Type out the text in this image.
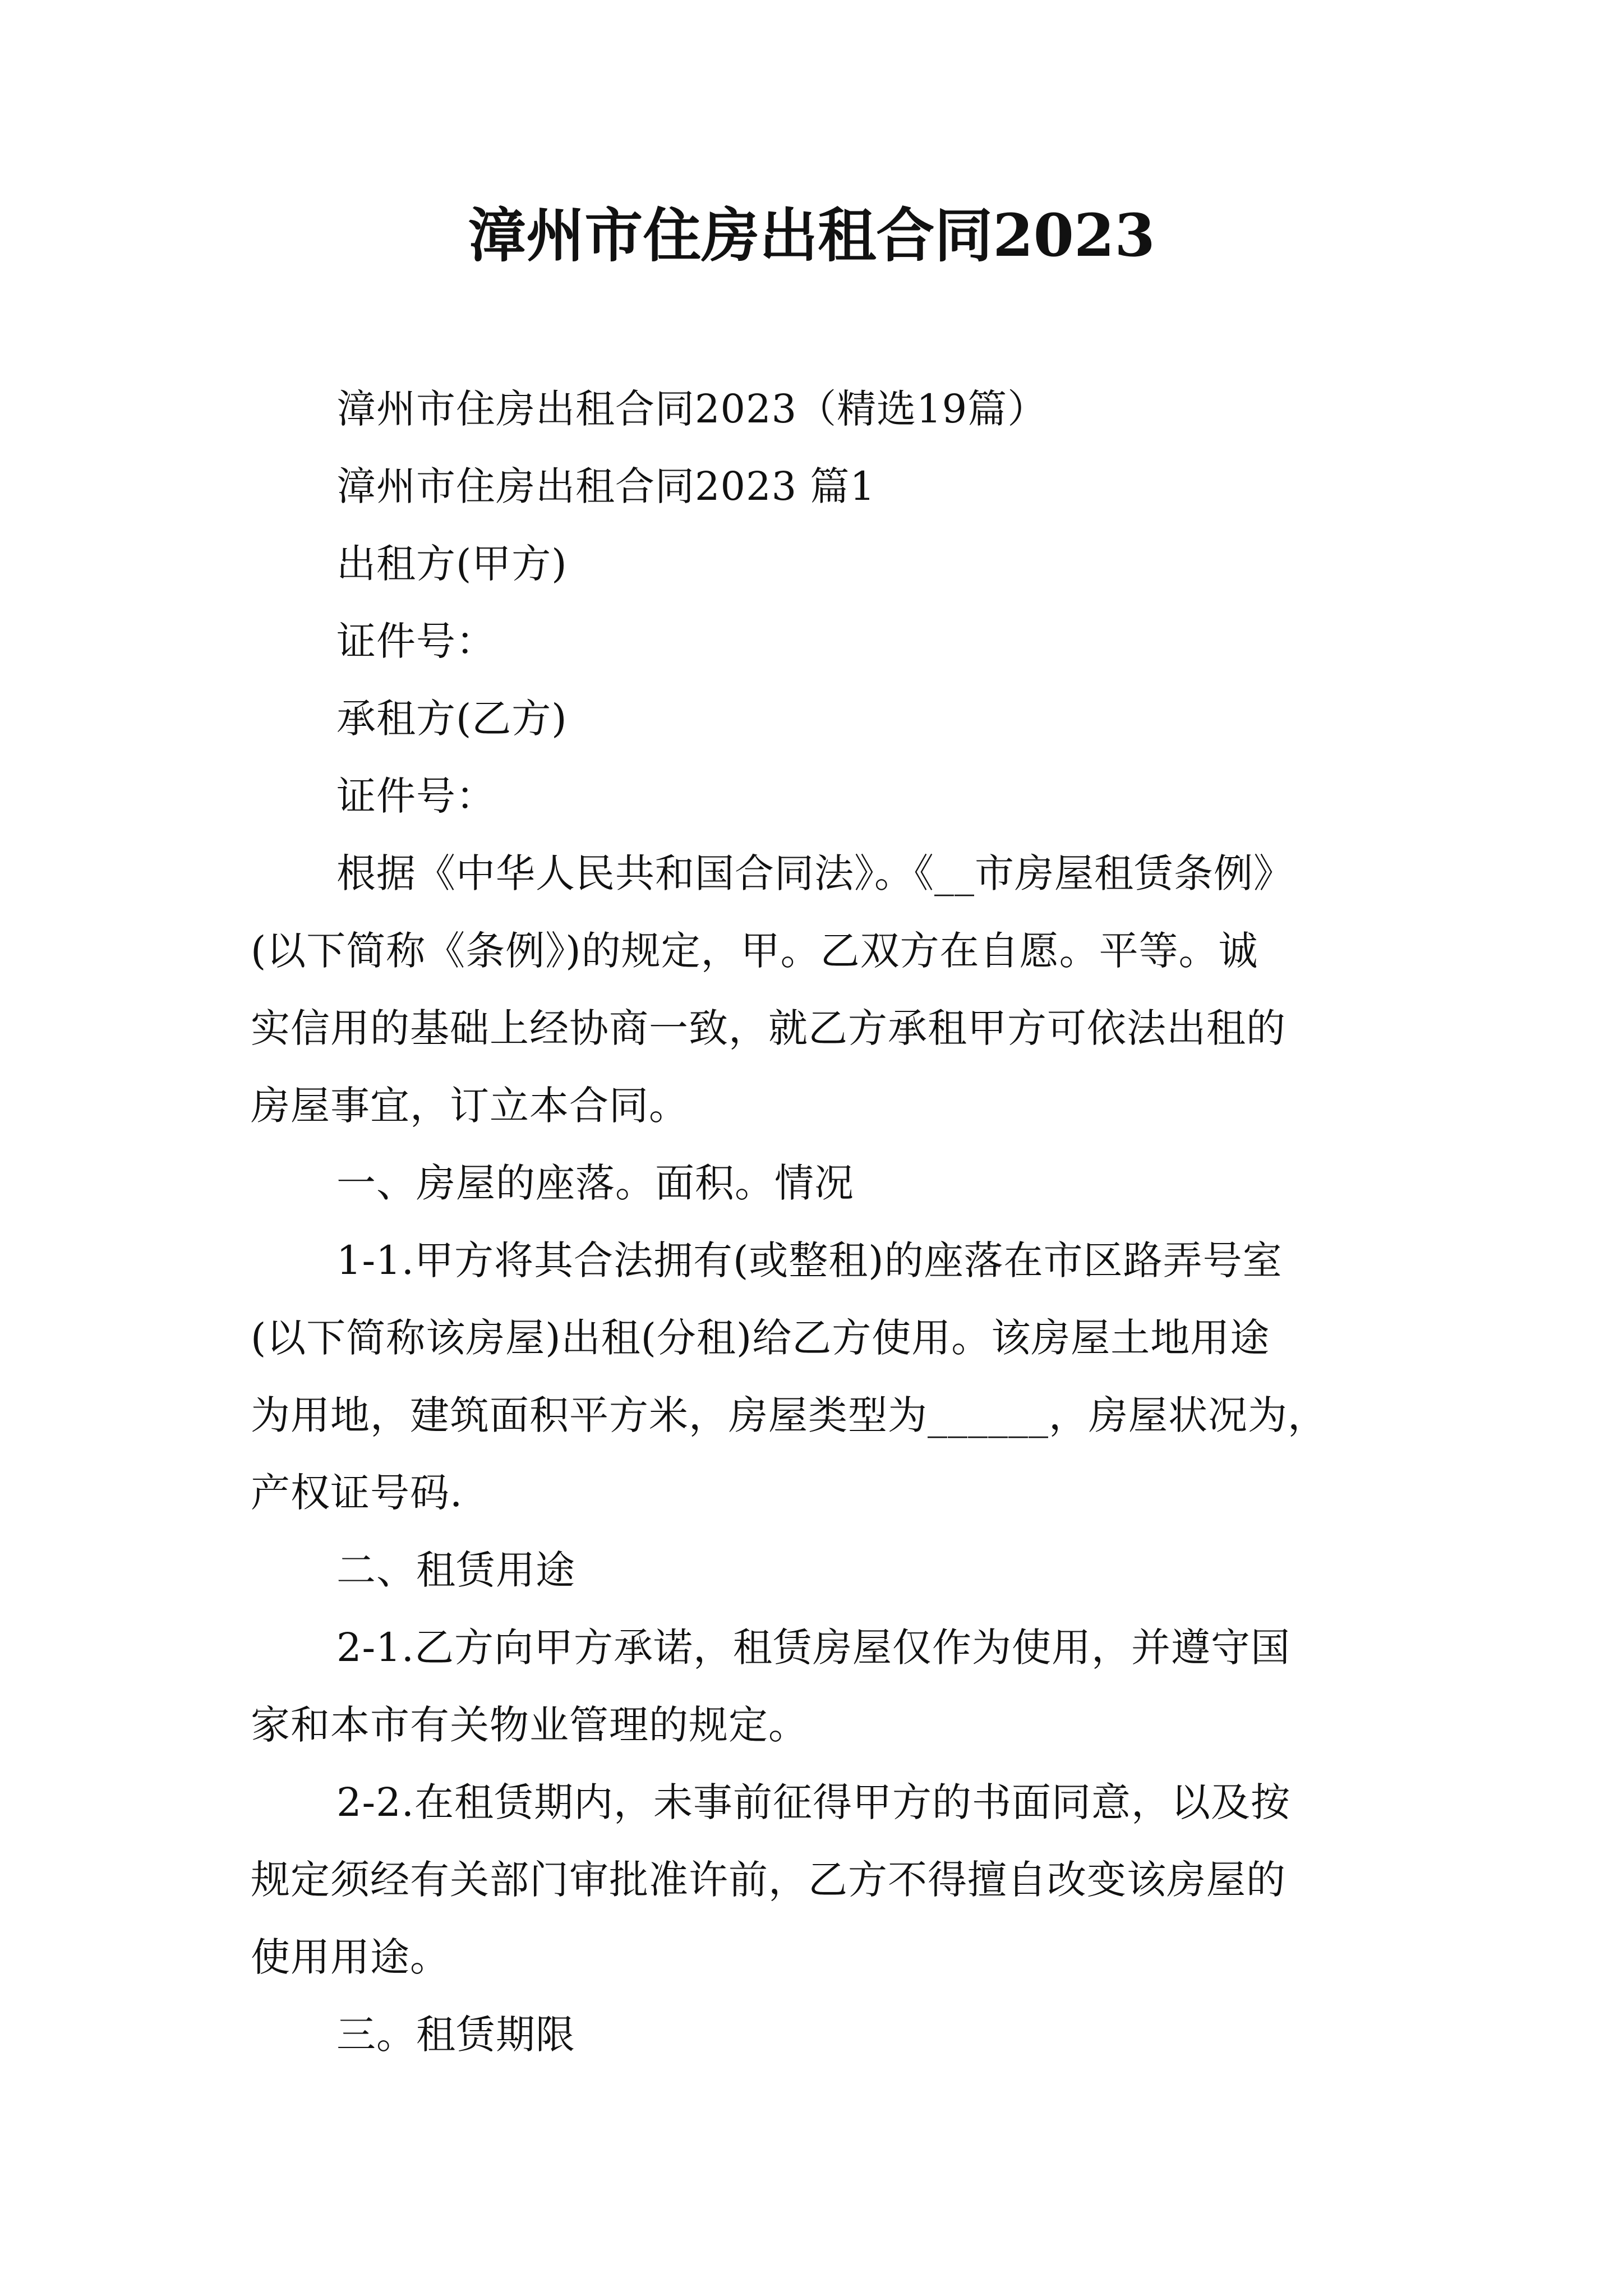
漳州市住房出租合同2023
漳州市住房出租合同2023（精选19篇）
漳州市住房出租合同2023 篇1
出租方(甲方)
证件号：
承租方(乙方)
证件号：
根据《中华人民共和国合同法》。《__市房屋租赁条例》
(以下简称《条例》)的规定，甲。乙双方在自愿。平等。诚
实信用的基础上经协商一致，就乙方承租甲方可依法出租的
房屋事宜，订立本合同。
一、房屋的座落。面积。情况
1-1.甲方将其合法拥有(或整租)的座落在市区路弄号室
(以下简称该房屋)出租(分租)给乙方使用。该房屋土地用途
为用地，建筑面积平方米，房屋类型为______，房屋状况为，
产权证号码.
二、租赁用途
2-1.乙方向甲方承诺，租赁房屋仅作为使用，并遵守国
家和本市有关物业管理的规定。
2-2.在租赁期内，未事前征得甲方的书面同意，以及按
规定须经有关部门审批准许前，乙方不得擅自改变该房屋的
使用用途。
三。租赁期限
